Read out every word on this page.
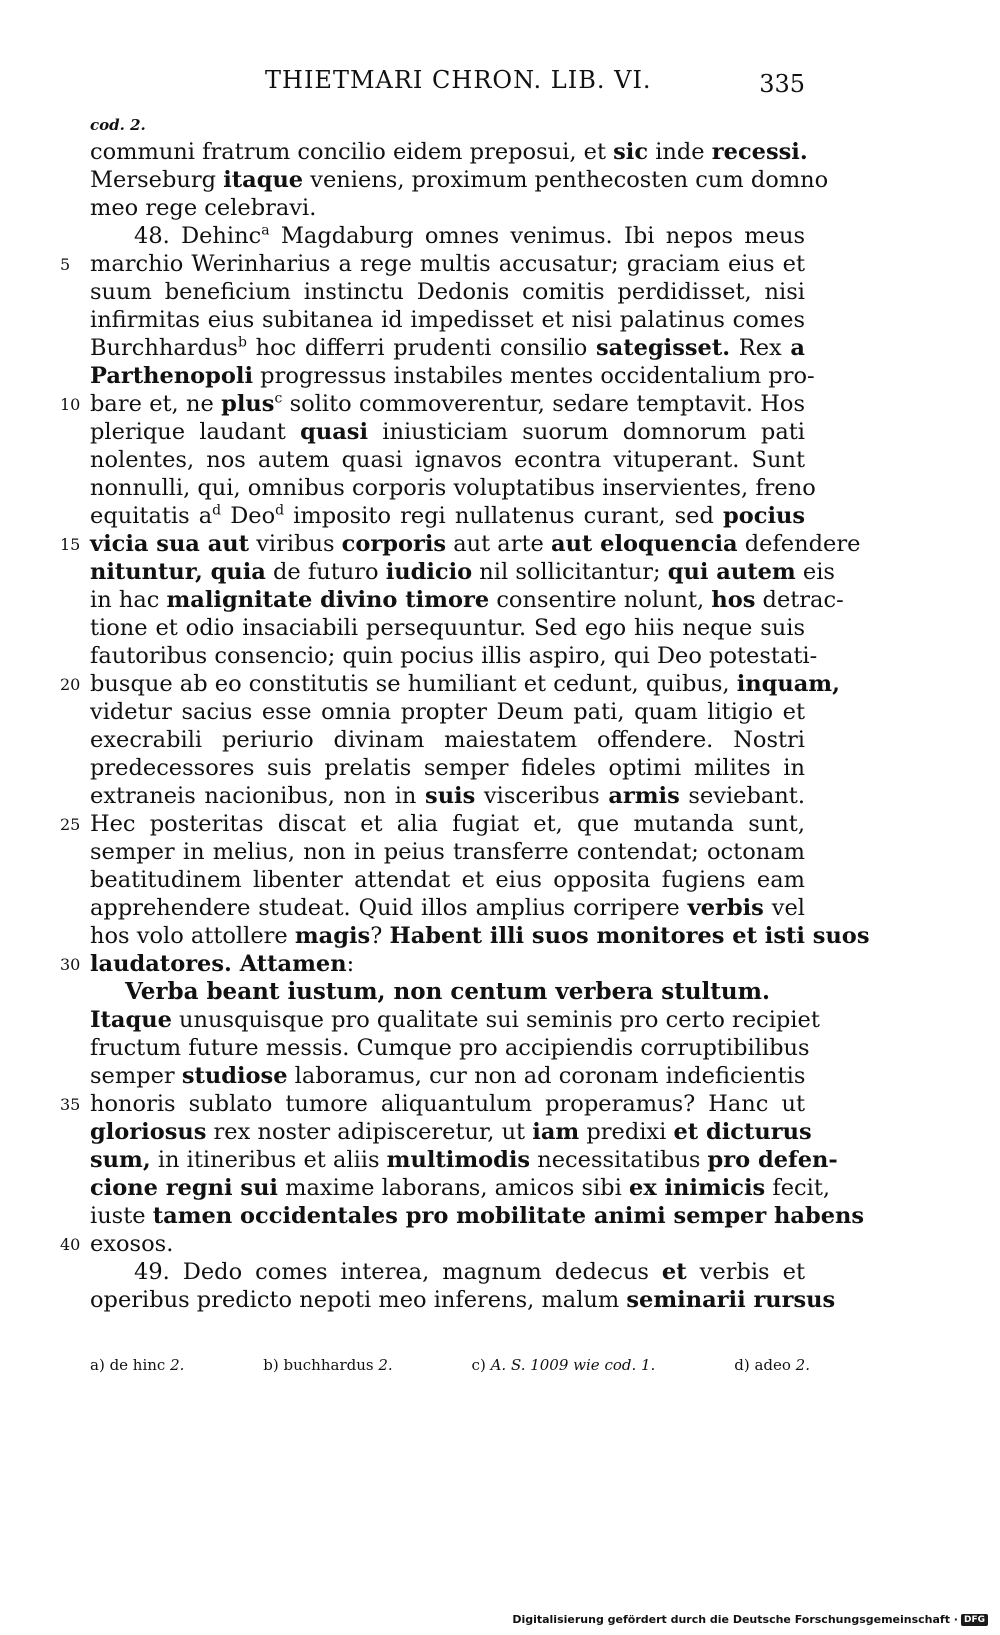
THIETMARI CHRON. LIB. VI.	335
cod. 2.
communi fratrum concilio eidem preposui, et sic inde recessi.
Merseburg itaque veniens, proximum penthecosten cum domno
meo rege celebravi.
48. Dehinc$^a$ Magdaburg omnes venimus. Ibi nepos meus
5 marchio Werinharius a rege multis accusatur; graciam eius et
suum beneficium instinctu Dedonis comitis perdidisset, nisi
infirmitas eius subitanea id impedisset et nisi palatinus comes
Burchhardus$^b$ hoc differri prudenti consilio sategisset. Rex a
Parthenopoli progressus instabiles mentes occidentalium pro-
10 bare et, ne plus$^c$ solito commoverentur, sedare temptavit. Hos
plerique laudant quasi iniusticiam suorum domnorum pati
nolentes, nos autem quasi ignavos econtra vituperant. Sunt
nonnulli, qui, omnibus corporis voluptatibus inservientes, freno
equitatis $a^d$ Deo$^d$ imposito regi nullatenus curant, sed pocius
15 vicia sua aut viribus corporis aut arte aut eloquencia defendere
nituntur, quia de futuro iudicio nil sollicitantur; qui autem eis
in hac malignitate divino timore consentire nolunt, hos detrac-
tione et odio insaciabili persequuntur. Sed ego hiis neque suis
fautoribus consencio; quin pocius illis aspiro, qui Deo potestati-
20 busque ab eo constitutis se humiliant et cedunt, quibus, inquam,
videtur sacius esse omnia propter Deum pati, quam litigio et
execrabili periurio divinam maiestatem offendere. Nostri
predecessores suis prelatis semper fideles optimi milites in
extraneis nacionibus, non in suis visceribus armis seviebant.
25 Hec posteritas discat et alia fugiat et, que mutanda sunt,
semper in melius, non in peius transferre contendat; octonam
beatitudinem libenter attendat et eius opposita fugiens eam
apprehendere studeat. Quid illos amplius corripere verbis vel
hos volo attollere magis? Habent illi suos monitores et isti suos
30 laudatores. Attamen:
Verba beant iustum, non centum verbera stultum.
Itaque unusquisque pro qualitate sui seminis pro certo recipiet
fructum future messis. Cumque pro accipiendis corruptibilibus
semper studiose laboramus, cur non ad coronam indeficientis
35 honoris sublato tumore aliquantulum properamus? Hanc ut
gloriosus rex noster adipisceretur, ut iam predixi et dicturus
sum, in itineribus et aliis multimodis necessitatibus pro defen-
cione regni sui maxime laborans, amicos sibi ex inimicis fecit,
iuste tamen occidentales pro mobilitate animi semper habens
40 exosos.
49. Dedo comes interea, magnum dedecus et verbis et
operibus predicto nepoti meo inferens, malum seminarii rursus
a) de hinc 2.	b) buchhardus 2.	c) A. S. 1009 wie cod. 1.	d) adeo 2.
Digitalisierung gefördert durch die Deutsche Forschungsgemeinschaft · DFG
